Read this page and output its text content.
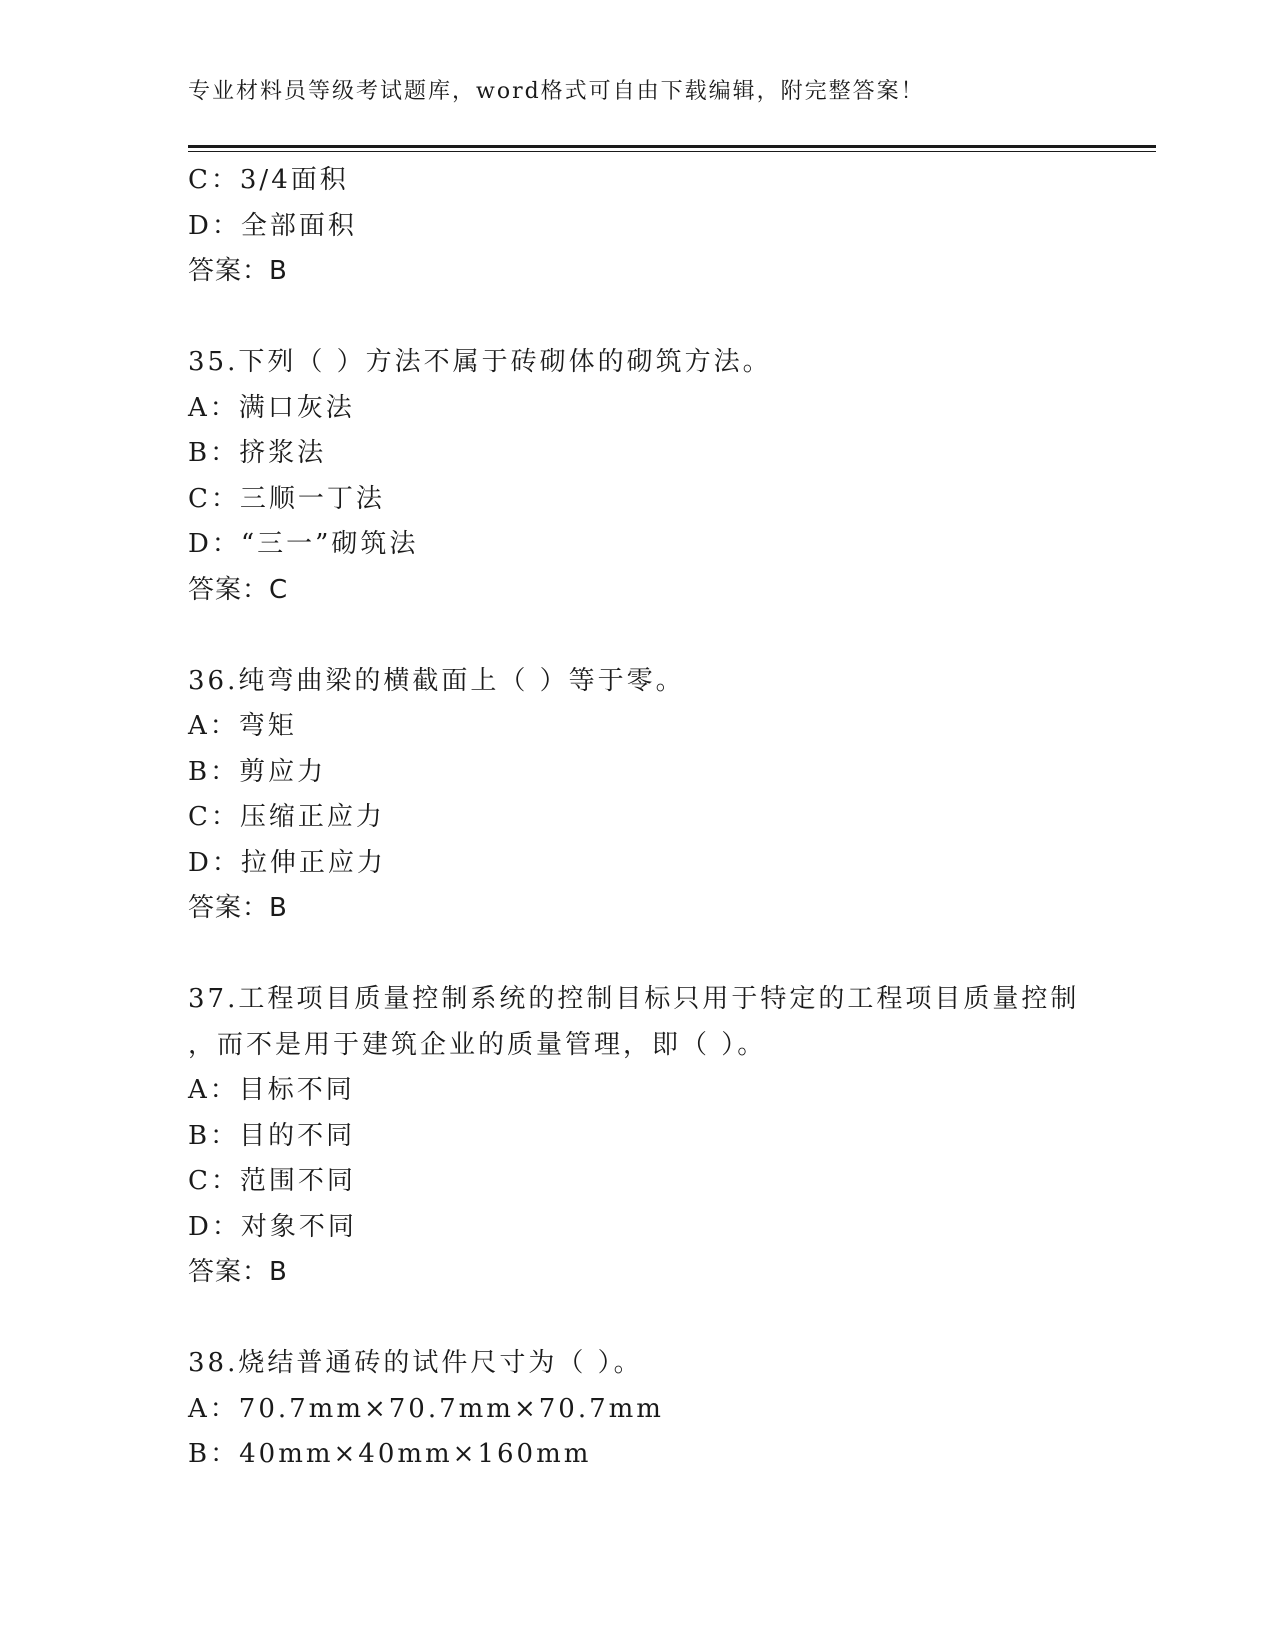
专业材料员等级考试题库，word格式可自由下载编辑，附完整答案！
C：3/4面积
D：全部面积
答案：B
35.下列（ ）方法不属于砖砌体的砌筑方法。
A：满口灰法
B：挤浆法
C：三顺一丁法
D：“三一”砌筑法
答案：C
36.纯弯曲梁的横截面上（ ）等于零。
A：弯矩
B：剪应力
C：压缩正应力
D：拉伸正应力
答案：B
37.工程项目质量控制系统的控制目标只用于特定的工程项目质量控制
，而不是用于建筑企业的质量管理，即（ ）。
A：目标不同
B：目的不同
C：范围不同
D：对象不同
答案：B
38.烧结普通砖的试件尺寸为（ ）。
A：70.7mm×70.7mm×70.7mm
B：40mm×40mm×160mm
